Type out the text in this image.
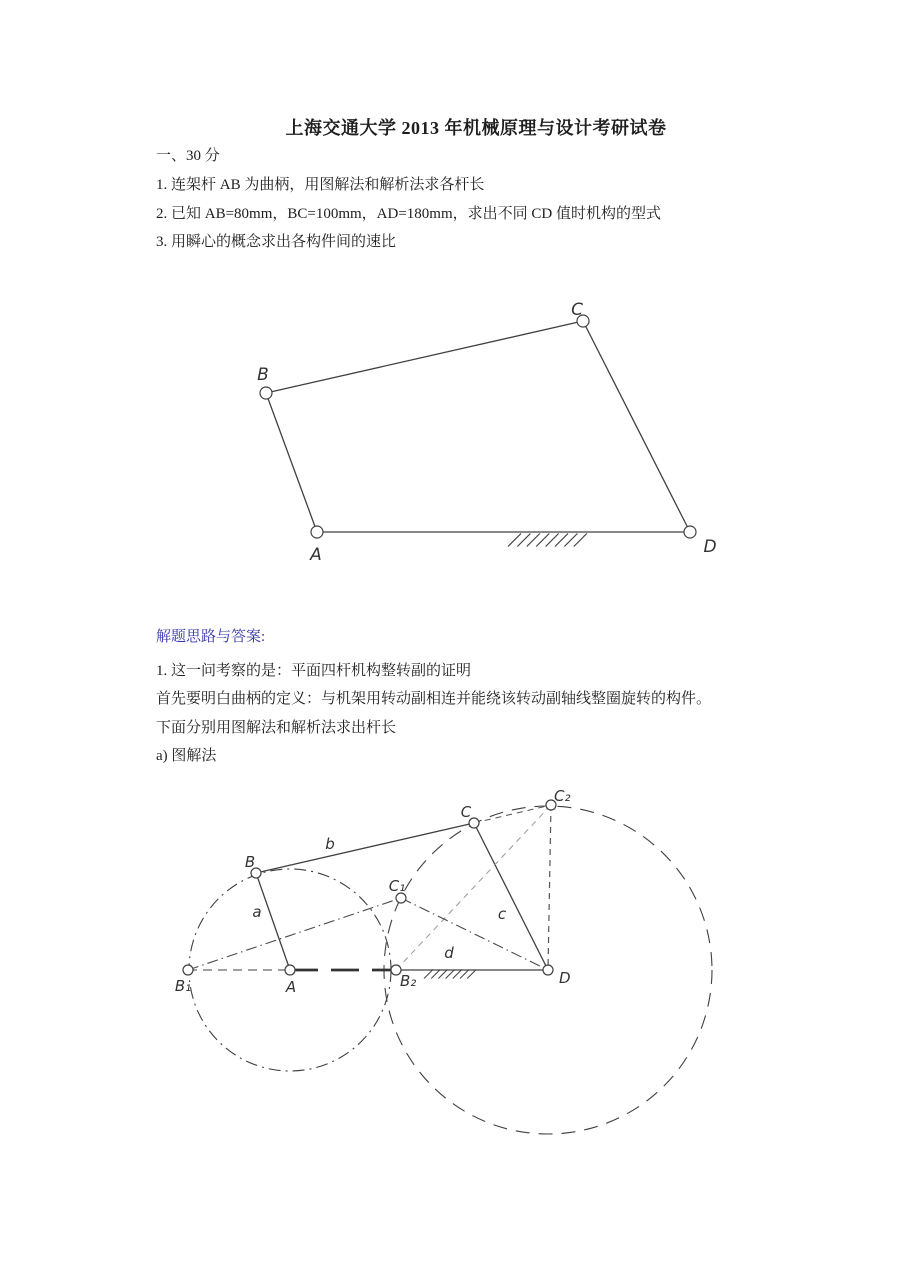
上海交通大学 2013 年机械原理与设计考研试卷
一、30 分
1. 连架杆 AB 为曲柄，用图解法和解析法求各杆长
2. 已知 AB=80mm，BC=100mm，AD=180mm，求出不同 CD 值时机构的型式
3. 用瞬心的概念求出各构件间的速比
B
C
A	D
解题思路与答案:
1. 这一问考察的是：平面四杆机构整转副的证明
首先要明白曲柄的定义：与机架用转动副相连并能绕该转动副轴线整圈旋转的构件。
下面分别用图解法和解析法求出杆长
a) 图解法
B₁	A	B₂	D
B
C
C₁
C₂
a
b
c
d
